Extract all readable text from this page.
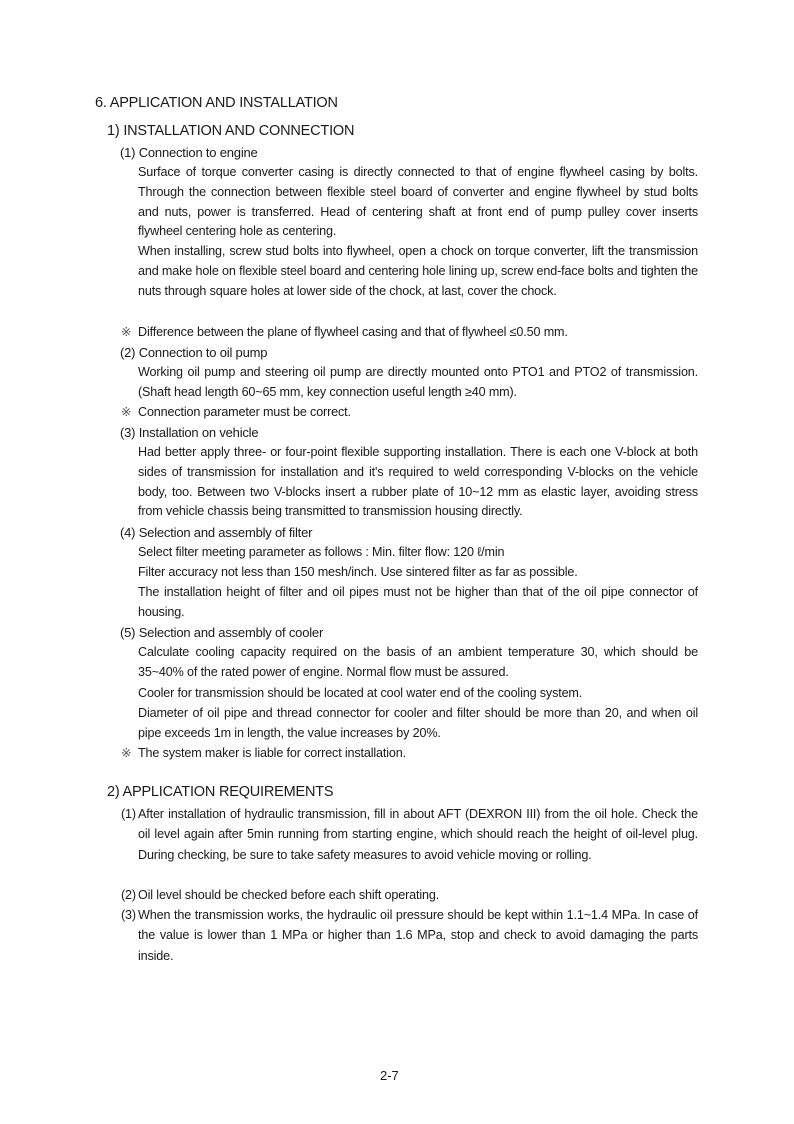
6. APPLICATION AND INSTALLATION
1) INSTALLATION AND CONNECTION
(1) Connection to engine
Surface of torque converter casing is directly connected to that of engine flywheel casing by bolts. Through the connection between flexible steel board of converter and engine flywheel by stud bolts and nuts, power is transferred. Head of centering shaft at front end of pump pulley cover inserts flywheel centering hole as centering.
When installing, screw stud bolts into flywheel, open a chock on torque converter, lift the transmission and make hole on flexible steel board and centering hole lining up, screw end-face bolts and tighten the nuts through square holes at lower side of the chock, at last, cover the chock.
※ Difference between the plane of flywheel casing and that of flywheel ≤0.50 mm.
(2) Connection to oil pump
Working oil pump and steering oil pump are directly mounted onto PTO1 and PTO2 of transmission. (Shaft head length 60~65 mm, key connection useful length ≥40 mm).
※ Connection parameter must be correct.
(3) Installation on vehicle
Had better apply three- or four-point flexible supporting installation. There is each one V-block at both sides of transmission for installation and it's required to weld corresponding V-blocks on the vehicle body, too. Between two V-blocks insert a rubber plate of 10~12 mm as elastic layer, avoiding stress from vehicle chassis being transmitted to transmission housing directly.
(4) Selection and assembly of filter
Select filter meeting parameter as follows : Min. filter flow: 120 ℓ/min
Filter accuracy not less than 150 mesh/inch. Use sintered filter as far as possible.
The installation height of filter and oil pipes must not be higher than that of the oil pipe connector of housing.
(5) Selection and assembly of cooler
Calculate cooling capacity required on the basis of an ambient temperature 30, which should be 35~40% of the rated power of engine. Normal flow must be assured.
Cooler for transmission should be located at cool water end of the cooling system.
Diameter of oil pipe and thread connector for cooler and filter should be more than 20, and when oil pipe exceeds 1m in length, the value increases by 20%.
※ The system maker is liable for correct installation.
2) APPLICATION REQUIREMENTS
(1) After installation of hydraulic transmission, fill in about AFT (DEXRON III) from the oil hole. Check the oil level again after 5min running from starting engine, which should reach the height of oil-level plug. During checking, be sure to take safety measures to avoid vehicle moving or rolling.
(2) Oil level should be checked before each shift operating.
(3) When the transmission works, the hydraulic oil pressure should be kept within 1.1~1.4 MPa. In case of the value is lower than 1 MPa or higher than 1.6 MPa, stop and check to avoid damaging the parts inside.
2-7
